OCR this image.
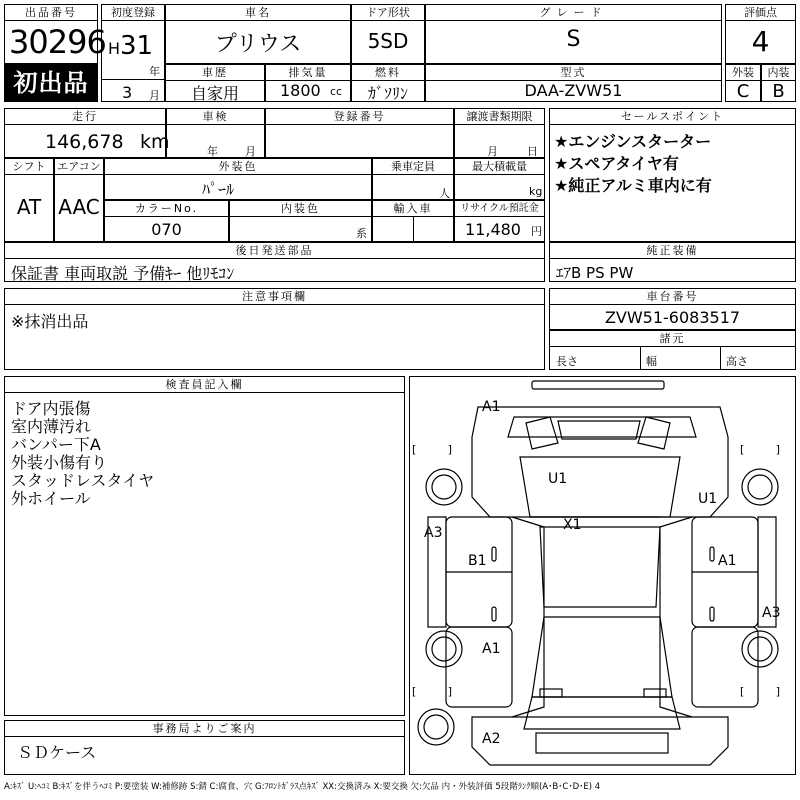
出品番号
30296
初出品
初度登録
H 31
年
3 月
車名
プリウス
ドア形状
5SD
グレード
S
評価点
4
車歴
自家用
排気量
1800 cc
燃料
ｶﾞｿﾘﾝ
型式
DAA-ZVW51
外装
C
内装
B
走行
146,678 km
車検
年 月
登録番号	譲渡書類期限
月	日
シフト
AT
エアコン
AAC
外装色
ﾊﾟｰﾙ
乗車定員
人
最大積載量
kg
カラーNo.
070
内装色
系
輸入車	リサイクル預託金
11,480 円
後日発送部品
保証書 車両取説 予備ｷｰ 他ﾘﾓｺﾝ
セールスポイント
★エンジンスターター
★スペアタイヤ有
★純正アルミ車内に有
純正装備
ｴｱB PS PW
注意事項欄
※抹消出品
車台番号
ZVW51-6083517
諸元
長さ	幅	高さ
検査員記入欄
ドア内張傷
室内薄汚れ
バンパー下A
外装小傷有り
スタッドレスタイヤ
外ホイール
事務局よりご案内
ＳＤケース
A1
U1
U1
X1
A3
B1	A1
A3
A1
A2
[ ]	[ ]
[ ]	[ ]
A:ｷｽﾞ U:ﾍｺﾐ B:ｷｽﾞを伴うﾍｺﾐ P:要塗装 W:補修跡 S:錆 C:腐食、穴 G:ﾌﾛﾝﾄｶﾞﾗｽ点ｷｽﾞ XX:交換済み X:要交換 欠:欠品 内・外装評価 5段階ﾗﾝｸ順(A･B･C･D･E) 4
